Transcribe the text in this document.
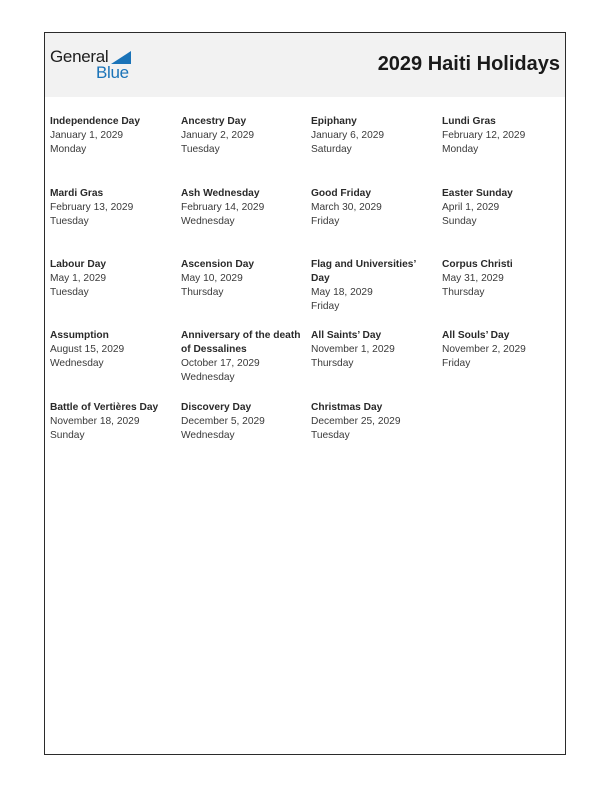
General
Blue	2029 Haiti Holidays
Independence Day
January 1, 2029
Monday
Ancestry Day
January 2, 2029
Tuesday
Epiphany
January 6, 2029
Saturday
Lundi Gras
February 12, 2029
Monday
Mardi Gras
February 13, 2029
Tuesday
Ash Wednesday
February 14, 2029
Wednesday
Good Friday
March 30, 2029
Friday
Easter Sunday
April 1, 2029
Sunday
Labour Day
May 1, 2029
Tuesday
Ascension Day
May 10, 2029
Thursday
Flag and Universities’ Day
May 18, 2029
Friday
Corpus Christi
May 31, 2029
Thursday
Assumption
August 15, 2029
Wednesday
Anniversary of the death of Dessalines
October 17, 2029
Wednesday
All Saints’ Day
November 1, 2029
Thursday
All Souls’ Day
November 2, 2029
Friday
Battle of Vertières Day
November 18, 2029
Sunday
Discovery Day
December 5, 2029
Wednesday
Christmas Day
December 25, 2029
Tuesday
